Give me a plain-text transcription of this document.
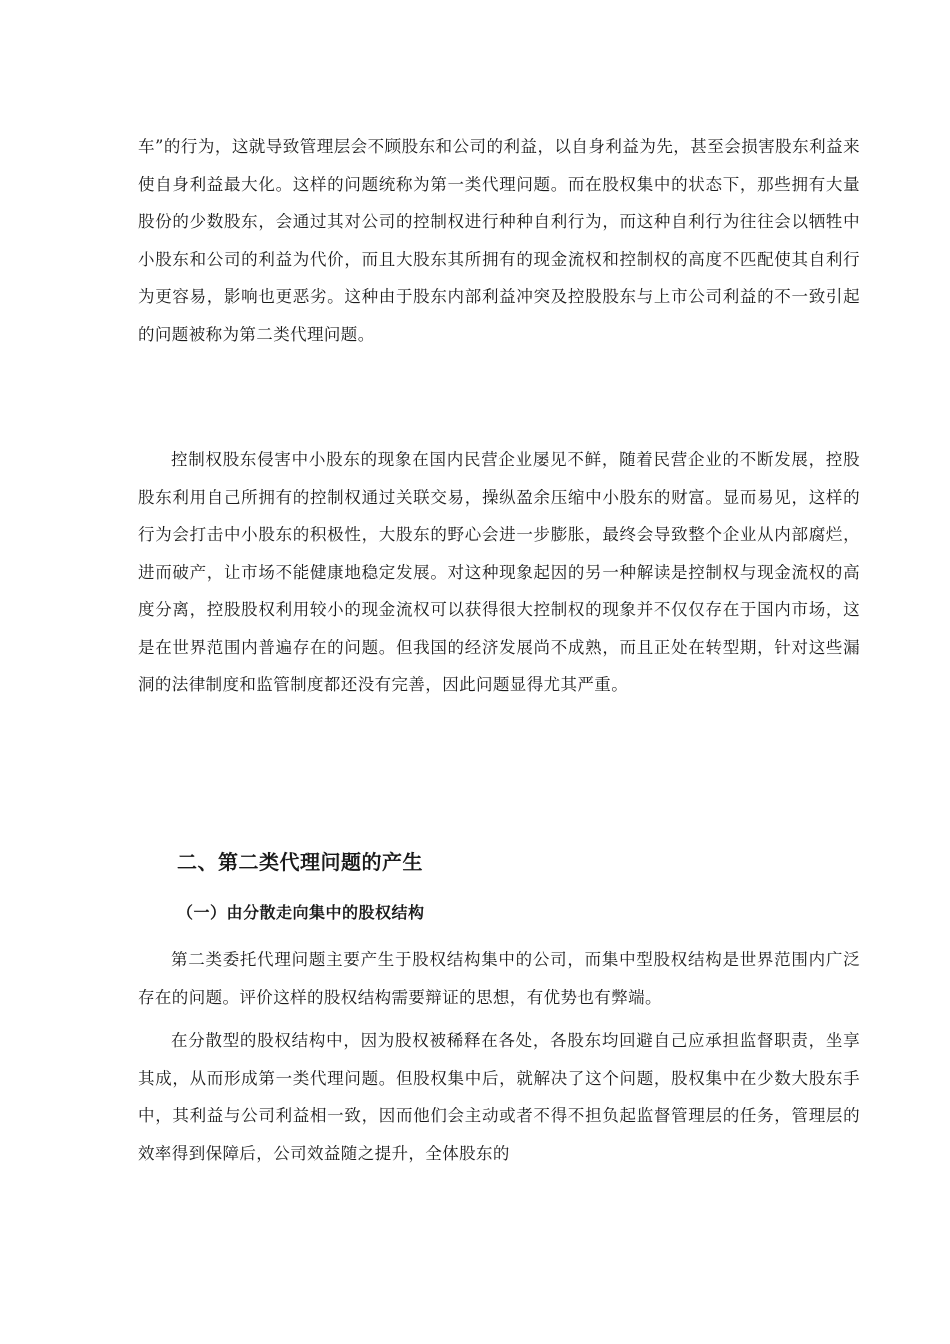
车”的行为，这就导致管理层会不顾股东和公司的利益，以自身利益为先，甚至会损害股东利益来使自身利益最大化。这样的问题统称为第一类代理问题。而在股权集中的状态下，那些拥有大量股份的少数股东，会通过其对公司的控制权进行种种自利行为，而这种自利行为往往会以牺牲中小股东和公司的利益为代价，而且大股东其所拥有的现金流权和控制权的高度不匹配使其自利行为更容易，影响也更恶劣。这种由于股东内部利益冲突及控股股东与上市公司利益的不一致引起的问题被称为第二类代理问题。

控制权股东侵害中小股东的现象在国内民营企业屡见不鲜，随着民营企业的不断发展，控股股东利用自己所拥有的控制权通过关联交易，操纵盈余压缩中小股东的财富。显而易见，这样的行为会打击中小股东的积极性，大股东的野心会进一步膨胀，最终会导致整个企业从内部腐烂，进而破产，让市场不能健康地稳定发展。对这种现象起因的另一种解读是控制权与现金流权的高度分离，控股股权利用较小的现金流权可以获得很大控制权的现象并不仅仅存在于国内市场，这是在世界范围内普遍存在的问题。但我国的经济发展尚不成熟，而且正处在转型期，针对这些漏洞的法律制度和监管制度都还没有完善，因此问题显得尤其严重。

二、第二类代理问题的产生
（一）由分散走向集中的股权结构

第二类委托代理问题主要产生于股权结构集中的公司，而集中型股权结构是世界范围内广泛存在的问题。评价这样的股权结构需要辩证的思想，有优势也有弊端。

在分散型的股权结构中，因为股权被稀释在各处，各股东均回避自己应承担监督职责，坐享其成，从而形成第一类代理问题。但股权集中后，就解决了这个问题，股权集中在少数大股东手中，其利益与公司利益相一致，因而他们会主动或者不得不担负起监督管理层的任务，管理层的效率得到保障后，公司效益随之提升，全体股东的
